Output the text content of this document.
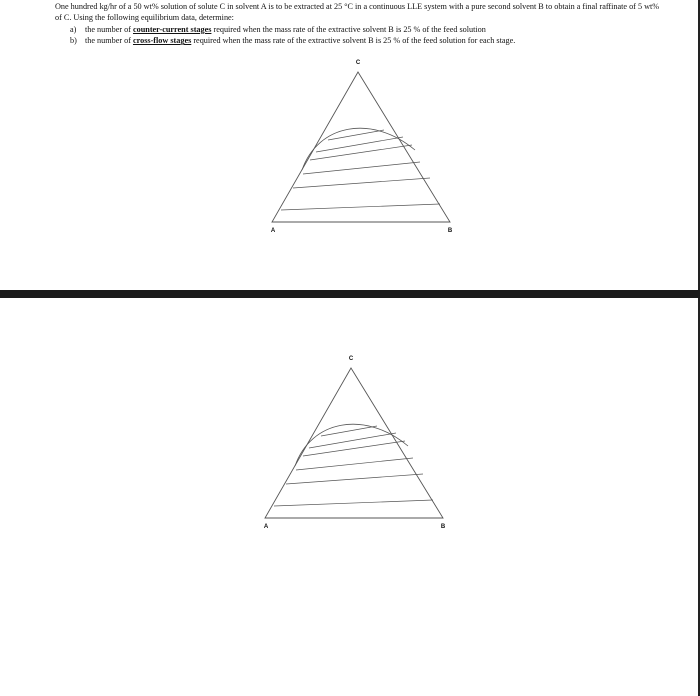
One hundred kg/hr of a 50 wt% solution of solute C in solvent A is to be extracted at 25 °C in a continuous LLE system with a pure second solvent B to obtain a final raffinate of 5 wt% of C. Using the following equilibrium data, determine:

a) the number of counter-current stages required when the mass rate of the extractive solvent B is 25 % of the feed solution
b) the number of cross-flow stages required when the mass rate of the extractive solvent B is 25 % of the feed solution for each stage.
C
A	B
C
A	B
